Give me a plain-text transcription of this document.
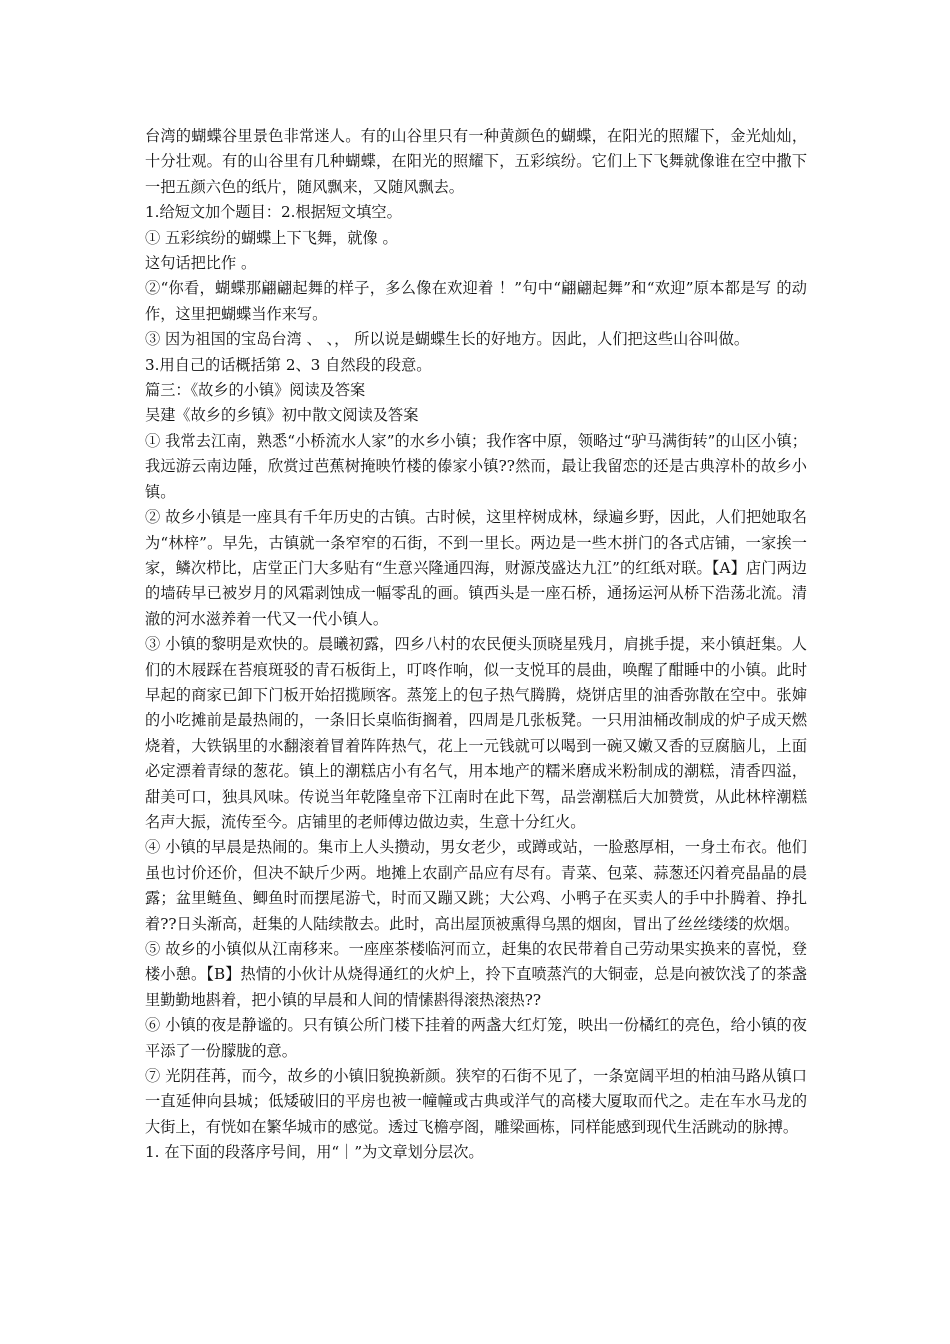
台湾的蝴蝶谷里景色非常迷人。有的山谷里只有一种黄颜色的蝴蝶，在阳光的照耀下，金光灿灿，十分壮观。有的山谷里有几种蝴蝶，在阳光的照耀下，五彩缤纷。它们上下飞舞就像谁在空中撒下一把五颜六色的纸片，随风飘来，又随风飘去。

1.给短文加个题目：2.根据短文填空。

① 五彩缤纷的蝴蝶上下飞舞，就像 。

这句话把比作 。

②“你看，蝴蝶那翩翩起舞的样子，多么像在欢迎着 ！”句中“翩翩起舞”和“欢迎”原本都是写 的动作，这里把蝴蝶当作来写。

③ 因为祖国的宝岛台湾 、 、， 所以说是蝴蝶生长的好地方。因此，人们把这些山谷叫做。

3.用自己的话概括第 2、3 自然段的段意。

篇三：《故乡的小镇》阅读及答案

吴建《故乡的乡镇》初中散文阅读及答案

① 我常去江南，熟悉“小桥流水人家”的水乡小镇；我作客中原，领略过“驴马满街转”的山区小镇；我远游云南边陲，欣赏过芭蕉树掩映竹楼的傣家小镇??然而，最让我留恋的还是古典淳朴的故乡小镇。

② 故乡小镇是一座具有千年历史的古镇。古时候，这里梓树成林，绿遍乡野，因此，人们把她取名为“林梓”。早先，古镇就一条窄窄的石街，不到一里长。两边是一些木拼门的各式店铺，一家挨一家，鳞次栉比，店堂正门大多贴有“生意兴隆通四海，财源茂盛达九江”的红纸对联。【A】店门两边的墙砖早已被岁月的风霜剥蚀成一幅零乱的画。镇西头是一座石桥，通扬运河从桥下浩荡北流。清澈的河水滋养着一代又一代小镇人。

③ 小镇的黎明是欢快的。晨曦初露，四乡八村的农民便头顶晓星残月，肩挑手提，来小镇赶集。人们的木屐踩在苔痕斑驳的青石板街上，叮咚作响，似一支悦耳的晨曲，唤醒了酣睡中的小镇。此时早起的商家已卸下门板开始招揽顾客。蒸笼上的包子热气腾腾，烧饼店里的油香弥散在空中。张婶的小吃摊前是最热闹的，一条旧长桌临街搁着，四周是几张板凳。一只用油桶改制成的炉子成天燃烧着，大铁锅里的水翻滚着冒着阵阵热气，花上一元钱就可以喝到一碗又嫩又香的豆腐脑儿，上面必定漂着青绿的葱花。镇上的潮糕店小有名气，用本地产的糯米磨成米粉制成的潮糕，清香四溢，甜美可口，独具风味。传说当年乾隆皇帝下江南时在此下驾，品尝潮糕后大加赞赏，从此林梓潮糕名声大振，流传至今。店铺里的老师傅边做边卖，生意十分红火。

④ 小镇的早晨是热闹的。集市上人头攒动，男女老少，或蹲或站，一脸憨厚相，一身土布衣。他们虽也讨价还价，但决不缺斤少两。地摊上农副产品应有尽有。青菜、包菜、蒜葱还闪着亮晶晶的晨露；盆里鲢鱼、鲫鱼时而摆尾游弋，时而又蹦又跳；大公鸡、小鸭子在买卖人的手中扑腾着、挣扎着??日头渐高，赶集的人陆续散去。此时，高出屋顶被熏得乌黑的烟囱，冒出了丝丝缕缕的炊烟。

⑤ 故乡的小镇似从江南移来。一座座茶楼临河而立，赶集的农民带着自己劳动果实换来的喜悦，登楼小憩。【B】热情的小伙计从烧得通红的火炉上，拎下直喷蒸汽的大铜壶，总是向被饮浅了的茶盏里勤勤地斟着，把小镇的早晨和人间的情愫斟得滚热滚热??

⑥ 小镇的夜是静谧的。只有镇公所门楼下挂着的两盏大红灯笼，映出一份橘红的亮色，给小镇的夜平添了一份朦胧的意。

⑦ 光阴荏苒，而今，故乡的小镇旧貌换新颜。狭窄的石街不见了，一条宽阔平坦的柏油马路从镇口一直延伸向县城；低矮破旧的平房也被一幢幢或古典或洋气的高楼大厦取而代之。走在车水马龙的大街上，有恍如在繁华城市的感觉。透过飞檐亭阁，雕梁画栋，同样能感到现代生活跳动的脉搏。

1. 在下面的段落序号间，用“｜”为文章划分层次。
